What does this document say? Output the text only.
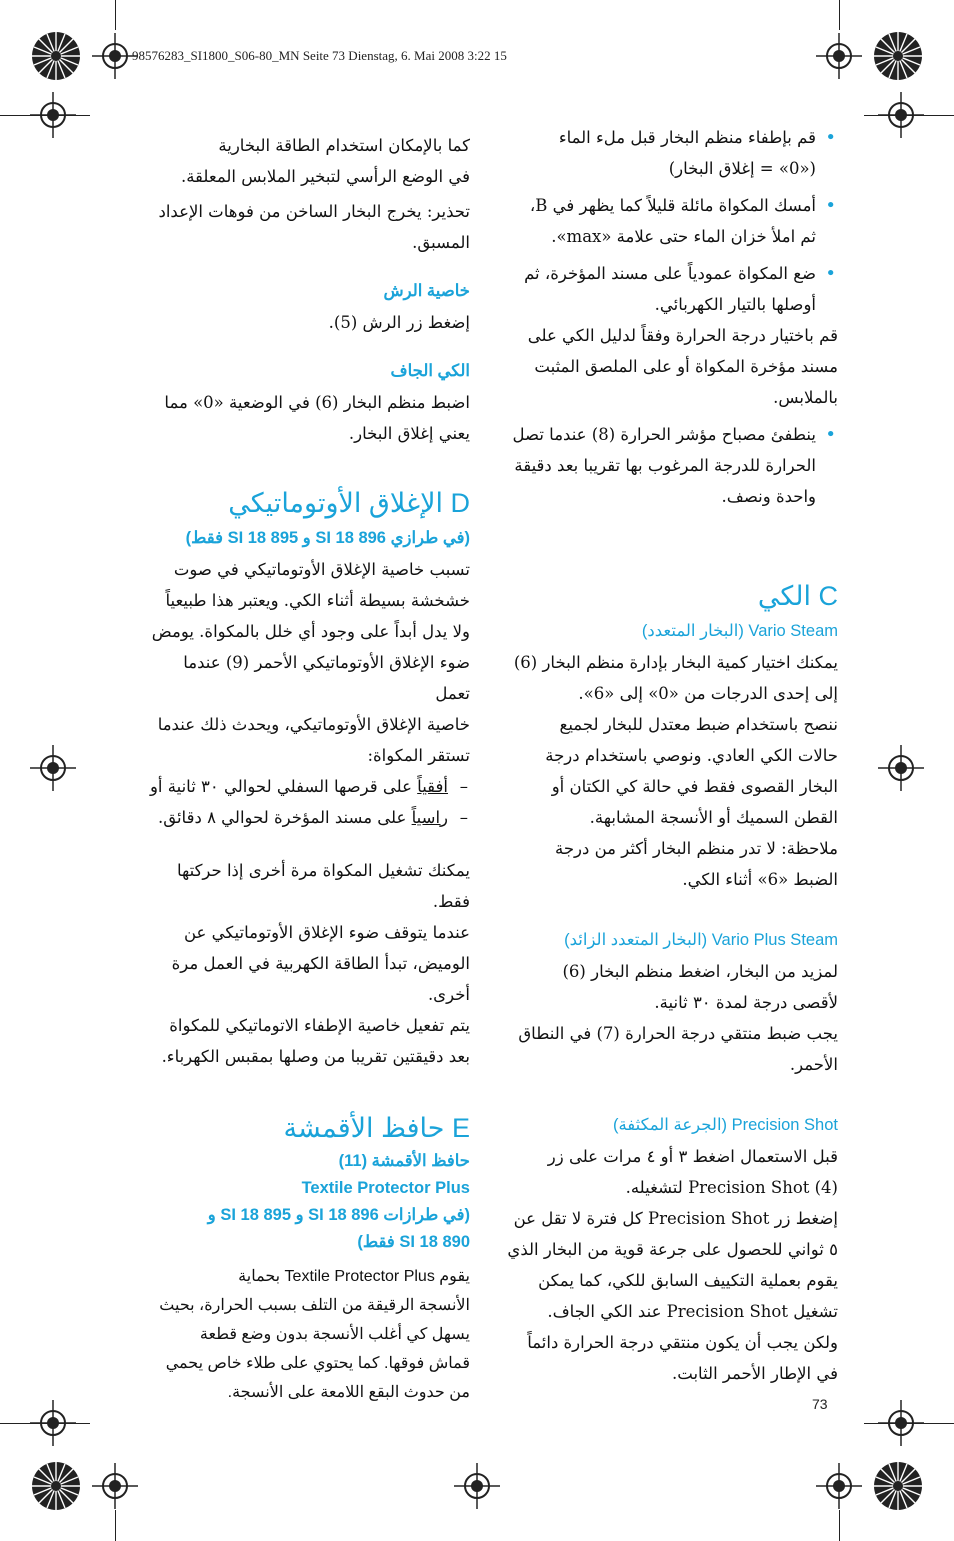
98576283_SI1800_S06-80_MN Seite 73 Dienstag, 6. Mai 2008 3:22 15

• قم بإطفاء منظم البخار قبل ملء الماء

(«0» = إغلاق البخار)

• أمسك المكواة مائلة قليلاً كما يظهر في B،

ثم املأ خزان الماء حتى علامة «max».

• ضع المكواة عمودياً على مسند المؤخرة، ثم

أوصلها بالتيار الكهربائي.

قم باختيار درجة الحرارة وفقاً لدليل الكي على

مسند مؤخرة المكواة أو على الملصق المثبت

بالملابس.

• ينطفئ مصباح مؤشر الحرارة (8) عندما تصل

الحرارة للدرجة المرغوب بها تقريبا بعد دقيقة

واحدة ونصف.

C الكي

Vario Steam (البخار المتعدد)

يمكنك اختيار كمية البخار بإدارة منظم البخار (6)

إلى إحدى الدرجات من «0» إلى «6».

ننصح باستخدام ضبط معتدل للبخار لجميع

حالات الكي العادي. ونوصي باستخدام درجة

البخار القصوى فقط في حالة كي الكتان أو

القطن السميك أو الأنسجة المشابهة.

ملاحظة: لا تدر منظم البخار أكثر من درجة

الضبط «6» أثناء الكي.

Vario Plus Steam (البخار المتعدد الزائد)

لمزيد من البخار، اضغط منظم البخار (6)

لأقصى درجة لمدة ٣٠ ثانية.

يجب ضبط منتقي درجة الحرارة (7) في النطاق

الأحمر.

Precision Shot (الجرعة المكثفة)

قبل الاستعمال اضغط ٣ أو ٤ مرات على زر

Precision Shot (4) لتشغيله.

إضغط زر Precision Shot كل فترة لا تقل عن

٥ ثواني للحصول على جرعة قوية من البخار الذي

يقوم بعملية التكييف السابق للكي، كما يمكن

تشغيل Precision Shot عند الكي الجاف.

ولكن يجب أن يكون منتقي درجة الحرارة دائماً

في الإطار الأحمر الثابت.

كما بالإمكان استخدام الطاقة البخارية

في الوضع الرأسي لتبخير الملابس المعلقة.

تحذير: يخرج البخار الساخن من فوهات الإعداد

المسبق.

خاصية الرش

إضغط زر الرش (5).

الكي الجاف

اضبط منظم البخار (6) في الوضعية «0» مما

يعني إغلاق البخار.

D الإغلاق الأوتوماتيكي

(في طرازي SI 18 896 و SI 18 895 فقط)

تسبب خاصية الإغلاق الأوتوماتيكي في صوت

خشخشة بسيطة أثناء الكي. ويعتبر هذا طبيعياً

ولا يدل أبداً على وجود أي خلل بالمكواة. يومض

ضوء الإغلاق الأوتوماتيكي الأحمر (9) عندما تعمل

خاصية الإغلاق الأوتوماتيكي، ويحدث ذلك عندما

تستقر المكواة:

– أفقياً على قرصها السفلي لحوالي ٣٠ ثانية أو

– راسياً على مسند المؤخرة لحوالي ٨ دقائق.

يمكنك تشغيل المكواة مرة أخرى إذا حركتها فقط.

عندما يتوقف ضوء الإغلاق الأوتوماتيكي عن

الوميض، تبدأ الطاقة الكهربية في العمل مرة

أخرى.

يتم تفعيل خاصية الإطفاء الاتوماتيكي للمكواة

بعد دقيقتين تقريبا من وصلها بمقبس الكهرباء.

E حافظ الأقمشة

حافظ الأقمشة (11)

Textile Protector Plus

(في طرازات SI 18 896 و SI 18 895 و

SI 18 890 فقط)

يقوم Textile Protector Plus بحماية

الأنسجة الرقيقة من التلف بسبب الحرارة، بحيث

يسهل كي أغلب الأنسجة بدون وضع قطعة

قماش فوقها. كما يحتوي على طلاء خاص يحمي

من حدوث البقع اللامعة على الأنسجة.

73
